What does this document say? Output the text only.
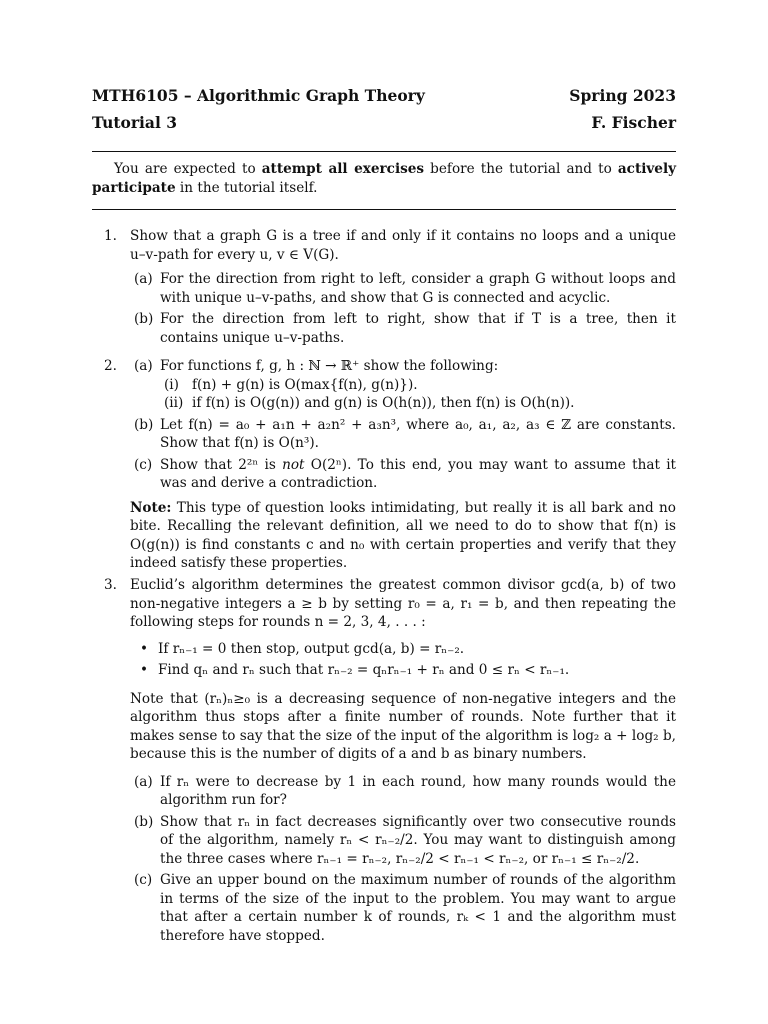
MTH6105 – Algorithmic Graph Theory	Spring 2023
Tutorial 3	F. Fischer
You are expected to attempt all exercises before the tutorial and to actively participate in the tutorial itself.
1. Show that a graph G is a tree if and only if it contains no loops and a unique u–v-path for every u, v ∈ V(G).
(a) For the direction from right to left, consider a graph G without loops and with unique u–v-paths, and show that G is connected and acyclic.
(b) For the direction from left to right, show that if T is a tree, then it contains unique u–v-paths.
2. (a) For functions f, g, h : ℕ → ℝ⁺ show the following:
(i) f(n) + g(n) is O(max{f(n), g(n)}).
(ii) if f(n) is O(g(n)) and g(n) is O(h(n)), then f(n) is O(h(n)).
(b) Let f(n) = a₀ + a₁n + a₂n² + a₃n³, where a₀, a₁, a₂, a₃ ∈ ℤ are constants. Show that f(n) is O(n³).
(c) Show that 2²ⁿ is not O(2ⁿ). To this end, you may want to assume that it was and derive a contradiction.
Note: This type of question looks intimidating, but really it is all bark and no bite. Recalling the relevant definition, all we need to do to show that f(n) is O(g(n)) is find constants c and n₀ with certain properties and verify that they indeed satisfy these properties.
3. Euclid’s algorithm determines the greatest common divisor gcd(a, b) of two non-negative integers a ≥ b by setting r₀ = a, r₁ = b, and then repeating the following steps for rounds n = 2, 3, 4, . . . :
• If rₙ₋₁ = 0 then stop, output gcd(a, b) = rₙ₋₂.
• Find qₙ and rₙ such that rₙ₋₂ = qₙrₙ₋₁ + rₙ and 0 ≤ rₙ < rₙ₋₁.
Note that (rₙ)ₙ≥₀ is a decreasing sequence of non-negative integers and the algorithm thus stops after a finite number of rounds. Note further that it makes sense to say that the size of the input of the algorithm is log₂ a + log₂ b, because this is the number of digits of a and b as binary numbers.
(a) If rₙ were to decrease by 1 in each round, how many rounds would the algorithm run for?
(b) Show that rₙ in fact decreases significantly over two consecutive rounds of the algorithm, namely rₙ < rₙ₋₂/2. You may want to distinguish among the three cases where rₙ₋₁ = rₙ₋₂, rₙ₋₂/2 < rₙ₋₁ < rₙ₋₂, or rₙ₋₁ ≤ rₙ₋₂/2.
(c) Give an upper bound on the maximum number of rounds of the algorithm in terms of the size of the input to the problem. You may want to argue that after a certain number k of rounds, rₖ < 1 and the algorithm must therefore have stopped.
